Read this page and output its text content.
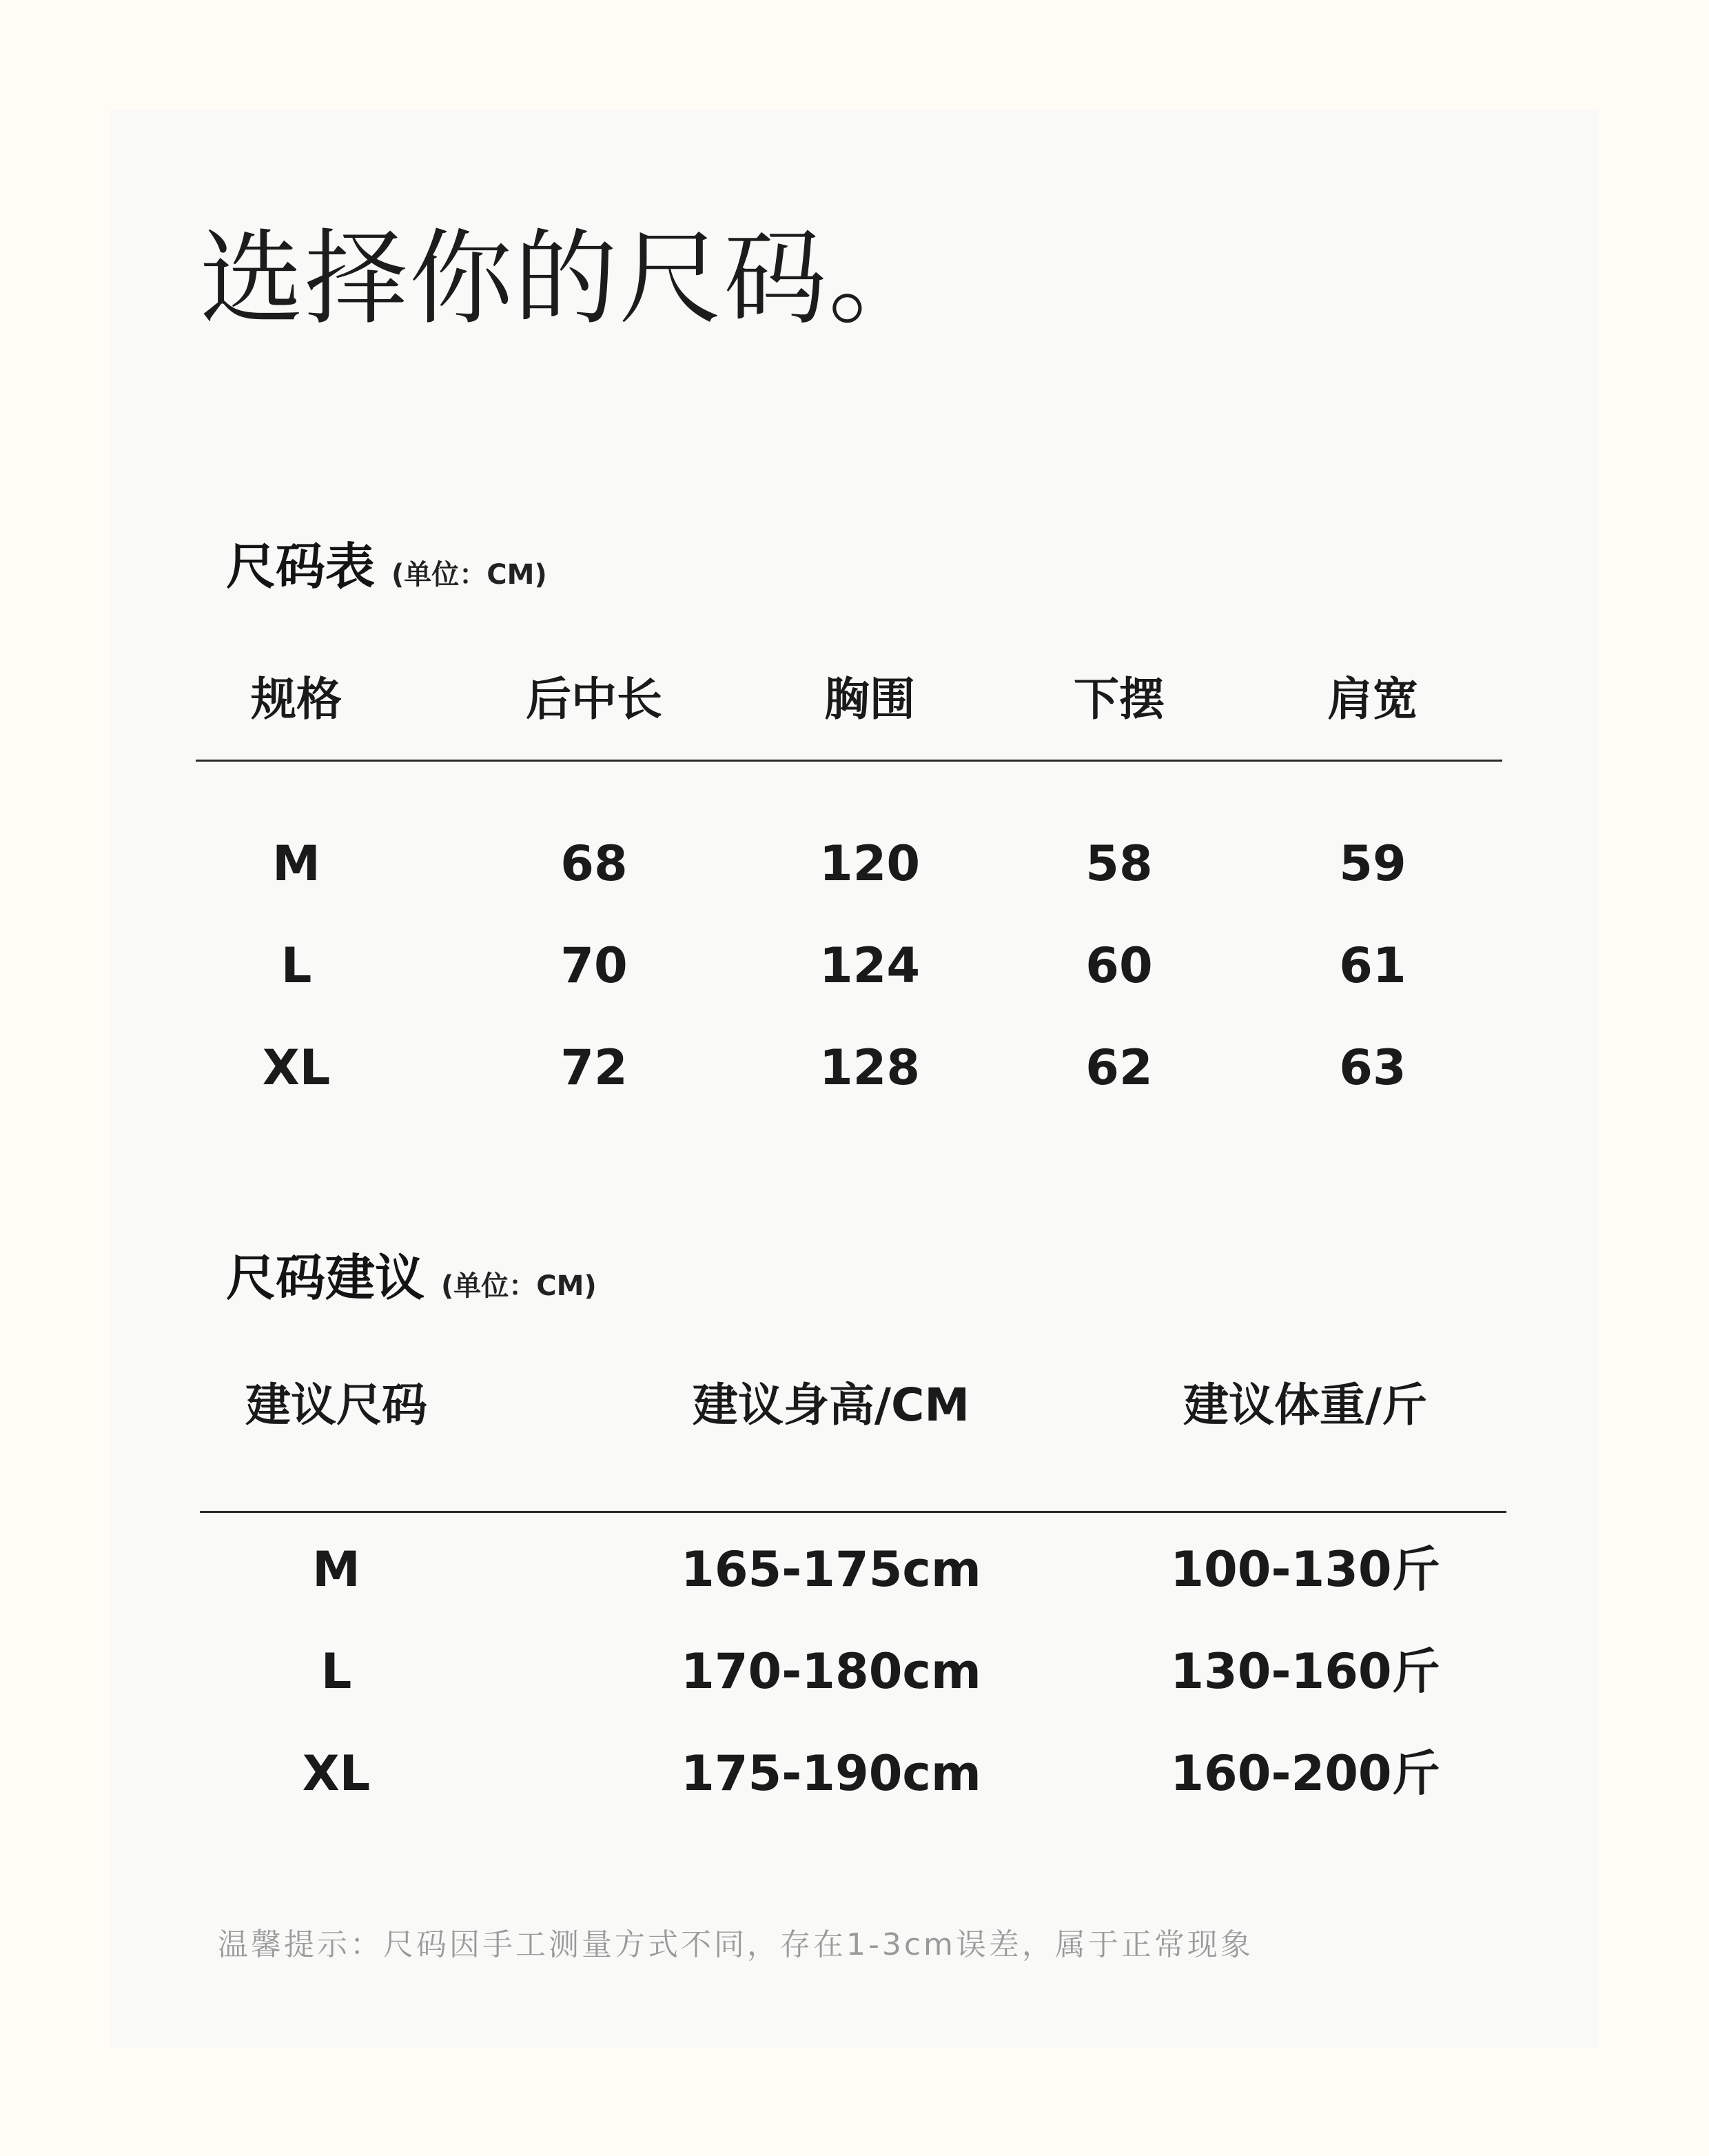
选择你的尺码。
尺码表 (单位：CM)
规格	后中长	胸围	下摆	肩宽
M	68	120	58	59
L	70	124	60	61
XL	72	128	62	63
尺码建议 (单位：CM)
建议尺码	建议身高/CM	建议体重/斤
M	165-175cm	100-130斤
L	170-180cm	130-160斤
XL	175-190cm	160-200斤
温馨提示：尺码因手工测量方式不同，存在1-3cm误差，属于正常现象
